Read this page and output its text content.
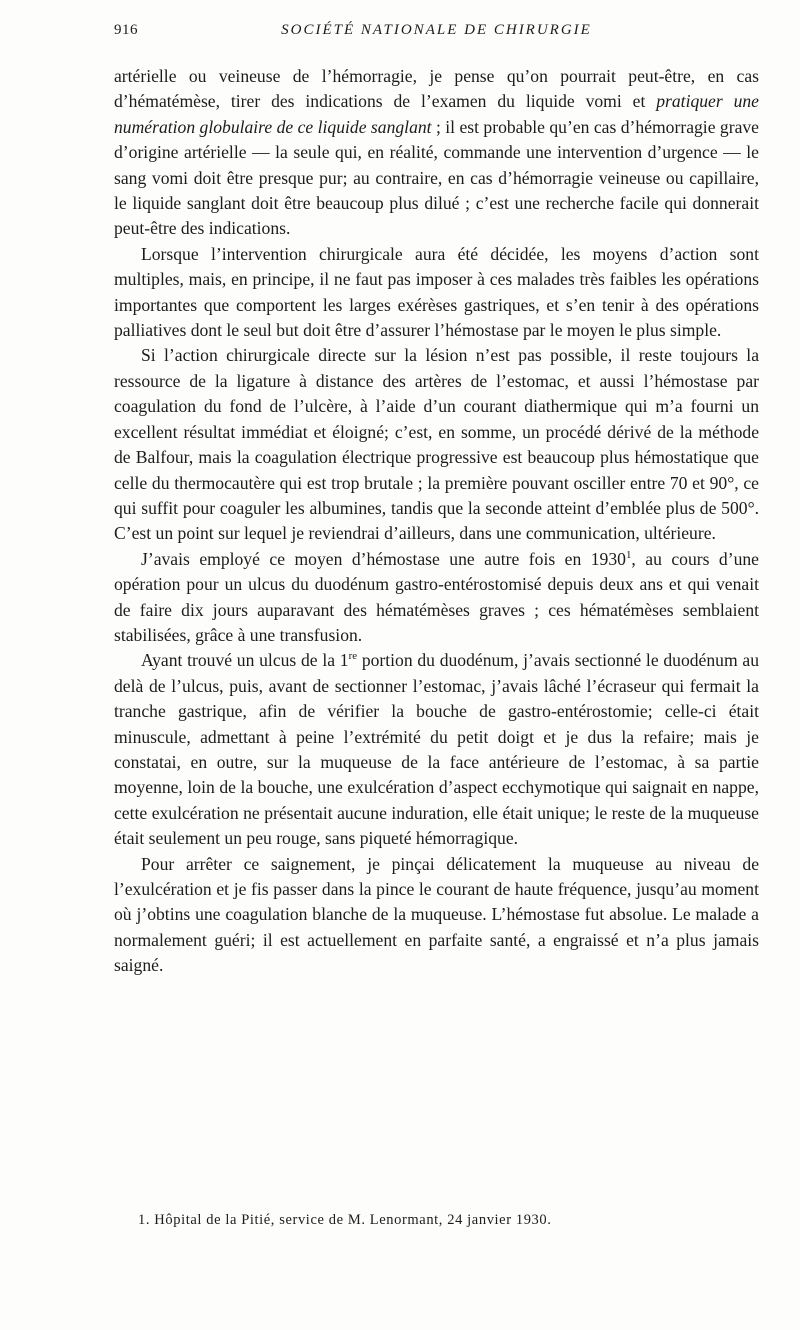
916	SOCIÉTÉ NATIONALE DE CHIRURGIE

artérielle ou veineuse de l’hémorragie, je pense qu’on pourrait peut-être, en cas d’hématémèse, tirer des indications de l’examen du liquide vomi et pratiquer une numération globulaire de ce liquide sanglant ; il est probable qu’en cas d’hémorragie grave d’origine artérielle — la seule qui, en réalité, commande une intervention d’urgence — le sang vomi doit être presque pur; au contraire, en cas d’hémorragie veineuse ou capillaire, le liquide sanglant doit être beaucoup plus dilué ; c’est une recherche facile qui donnerait peut-être des indications.

Lorsque l’intervention chirurgicale aura été décidée, les moyens d’action sont multiples, mais, en principe, il ne faut pas imposer à ces malades très faibles les opérations importantes que comportent les larges exérèses gastriques, et s’en tenir à des opérations palliatives dont le seul but doit être d’assurer l’hémostase par le moyen le plus simple.

Si l’action chirurgicale directe sur la lésion n’est pas possible, il reste toujours la ressource de la ligature à distance des artères de l’estomac, et aussi l’hémostase par coagulation du fond de l’ulcère, à l’aide d’un courant diathermique qui m’a fourni un excellent résultat immédiat et éloigné; c’est, en somme, un procédé dérivé de la méthode de Balfour, mais la coagulation électrique progressive est beaucoup plus hémostatique que celle du thermocautère qui est trop brutale ; la première pouvant osciller entre 70 et 90°, ce qui suffit pour coaguler les albumines, tandis que la seconde atteint d’emblée plus de 500°. C’est un point sur lequel je reviendrai d’ailleurs, dans une communication, ultérieure.

J’avais employé ce moyen d’hémostase une autre fois en 1930$^1$, au cours d’une opération pour un ulcus du duodénum gastro-entérostomisé depuis deux ans et qui venait de faire dix jours auparavant des hématémèses graves ; ces hématémèses semblaient stabilisées, grâce à une transfusion.

Ayant trouvé un ulcus de la 1re portion du duodénum, j’avais sectionné le duodénum au delà de l’ulcus, puis, avant de sectionner l’estomac, j’avais lâché l’écraseur qui fermait la tranche gastrique, afin de vérifier la bouche de gastro-entérostomie; celle-ci était minuscule, admettant à peine l’extrémité du petit doigt et je dus la refaire; mais je constatai, en outre, sur la muqueuse de la face antérieure de l’estomac, à sa partie moyenne, loin de la bouche, une exulcération d’aspect ecchymotique qui saignait en nappe, cette exulcération ne présentait aucune induration, elle était unique; le reste de la muqueuse était seulement un peu rouge, sans piqueté hémorragique.

Pour arrêter ce saignement, je pinçai délicatement la muqueuse au niveau de l’exulcération et je fis passer dans la pince le courant de haute fréquence, jusqu’au moment où j’obtins une coagulation blanche de la muqueuse. L’hémostase fut absolue. Le malade a normalement guéri; il est actuellement en parfaite santé, a engraissé et n’a plus jamais saigné.

1. Hôpital de la Pitié, service de M. Lenormant, 24 janvier 1930.
